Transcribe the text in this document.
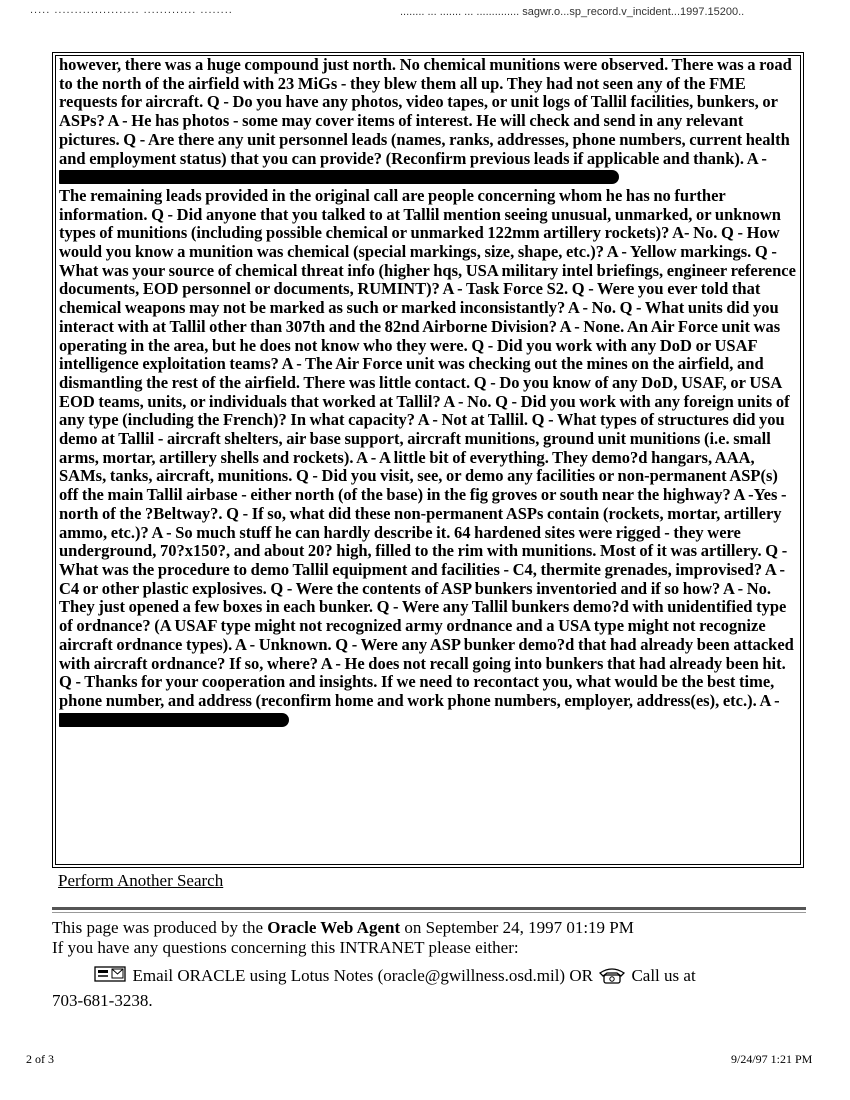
..... ..................... ............. ........	........ ... ....... ... .............. sagwr.o...sp_record.v_incident...1997.15200..
however, there was a huge compound just north. No chemical munitions were observed. There was a road to the north of the airfield with 23 MiGs - they blew them all up. They had not seen any of the FME requests for aircraft. Q - Do you have any photos, video tapes, or unit logs of Tallil facilities, bunkers, or ASPs? A - He has photos - some may cover items of interest. He will check and send in any relevant pictures. Q - Are there any unit personnel leads (names, ranks, addresses, phone numbers, current health and employment status) that you can provide? (Reconfirm previous leads if applicable and thank). A -
The remaining leads provided in the original call are people concerning whom he has no further information. Q - Did anyone that you talked to at Tallil mention seeing unusual, unmarked, or unknown types of munitions (including possible chemical or unmarked 122mm artillery rockets)? A- No. Q - How would you know a munition was chemical (special markings, size, shape, etc.)? A - Yellow markings. Q - What was your source of chemical threat info (higher hqs, USA military intel briefings, engineer reference documents, EOD personnel or documents, RUMINT)? A - Task Force S2. Q - Were you ever told that chemical weapons may not be marked as such or marked inconsistantly? A - No. Q - What units did you interact with at Tallil other than 307th and the 82nd Airborne Division? A - None. An Air Force unit was operating in the area, but he does not know who they were. Q - Did you work with any DoD or USAF intelligence exploitation teams? A - The Air Force unit was checking out the mines on the airfield, and dismantling the rest of the airfield. There was little contact. Q - Do you know of any DoD, USAF, or USA EOD teams, units, or individuals that worked at Tallil? A - No. Q - Did you work with any foreign units of any type (including the French)? In what capacity? A - Not at Tallil. Q - What types of structures did you demo at Tallil - aircraft shelters, air base support, aircraft munitions, ground unit munitions (i.e. small arms, mortar, artillery shells and rockets). A - A little bit of everything. They demo?d hangars, AAA, SAMs, tanks, aircraft, munitions. Q - Did you visit, see, or demo any facilities or non-permanent ASP(s) off the main Tallil airbase - either north (of the base) in the fig groves or south near the highway? A -Yes - north of the ?Beltway?. Q - If so, what did these non-permanent ASPs contain (rockets, mortar, artillery ammo, etc.)? A - So much stuff he can hardly describe it. 64 hardened sites were rigged - they were underground, 70?x150?, and about 20? high, filled to the rim with munitions. Most of it was artillery. Q - What was the procedure to demo Tallil equipment and facilities - C4, thermite grenades, improvised? A - C4 or other plastic explosives. Q - Were the contents of ASP bunkers inventoried and if so how? A - No. They just opened a few boxes in each bunker. Q - Were any Tallil bunkers demo?d with unidentified type of ordnance? (A USAF type might not recognized army ordnance and a USA type might not recognize aircraft ordnance types). A - Unknown. Q - Were any ASP bunker demo?d that had already been attacked with aircraft ordnance? If so, where? A - He does not recall going into bunkers that had already been hit. Q - Thanks for your cooperation and insights. If we need to recontact you, what would be the best time, phone number, and address (reconfirm home and work phone numbers, employer, address(es), etc.). A -
Perform Another Search
This page was produced by the Oracle Web Agent on September 24, 1997 01:19 PM
If you have any questions concerning this INTRANET please either:
Email ORACLE using Lotus Notes (oracle@gwillness.osd.mil) OR Call us at
703-681-3238.
2 of 3	9/24/97 1:21 PM
